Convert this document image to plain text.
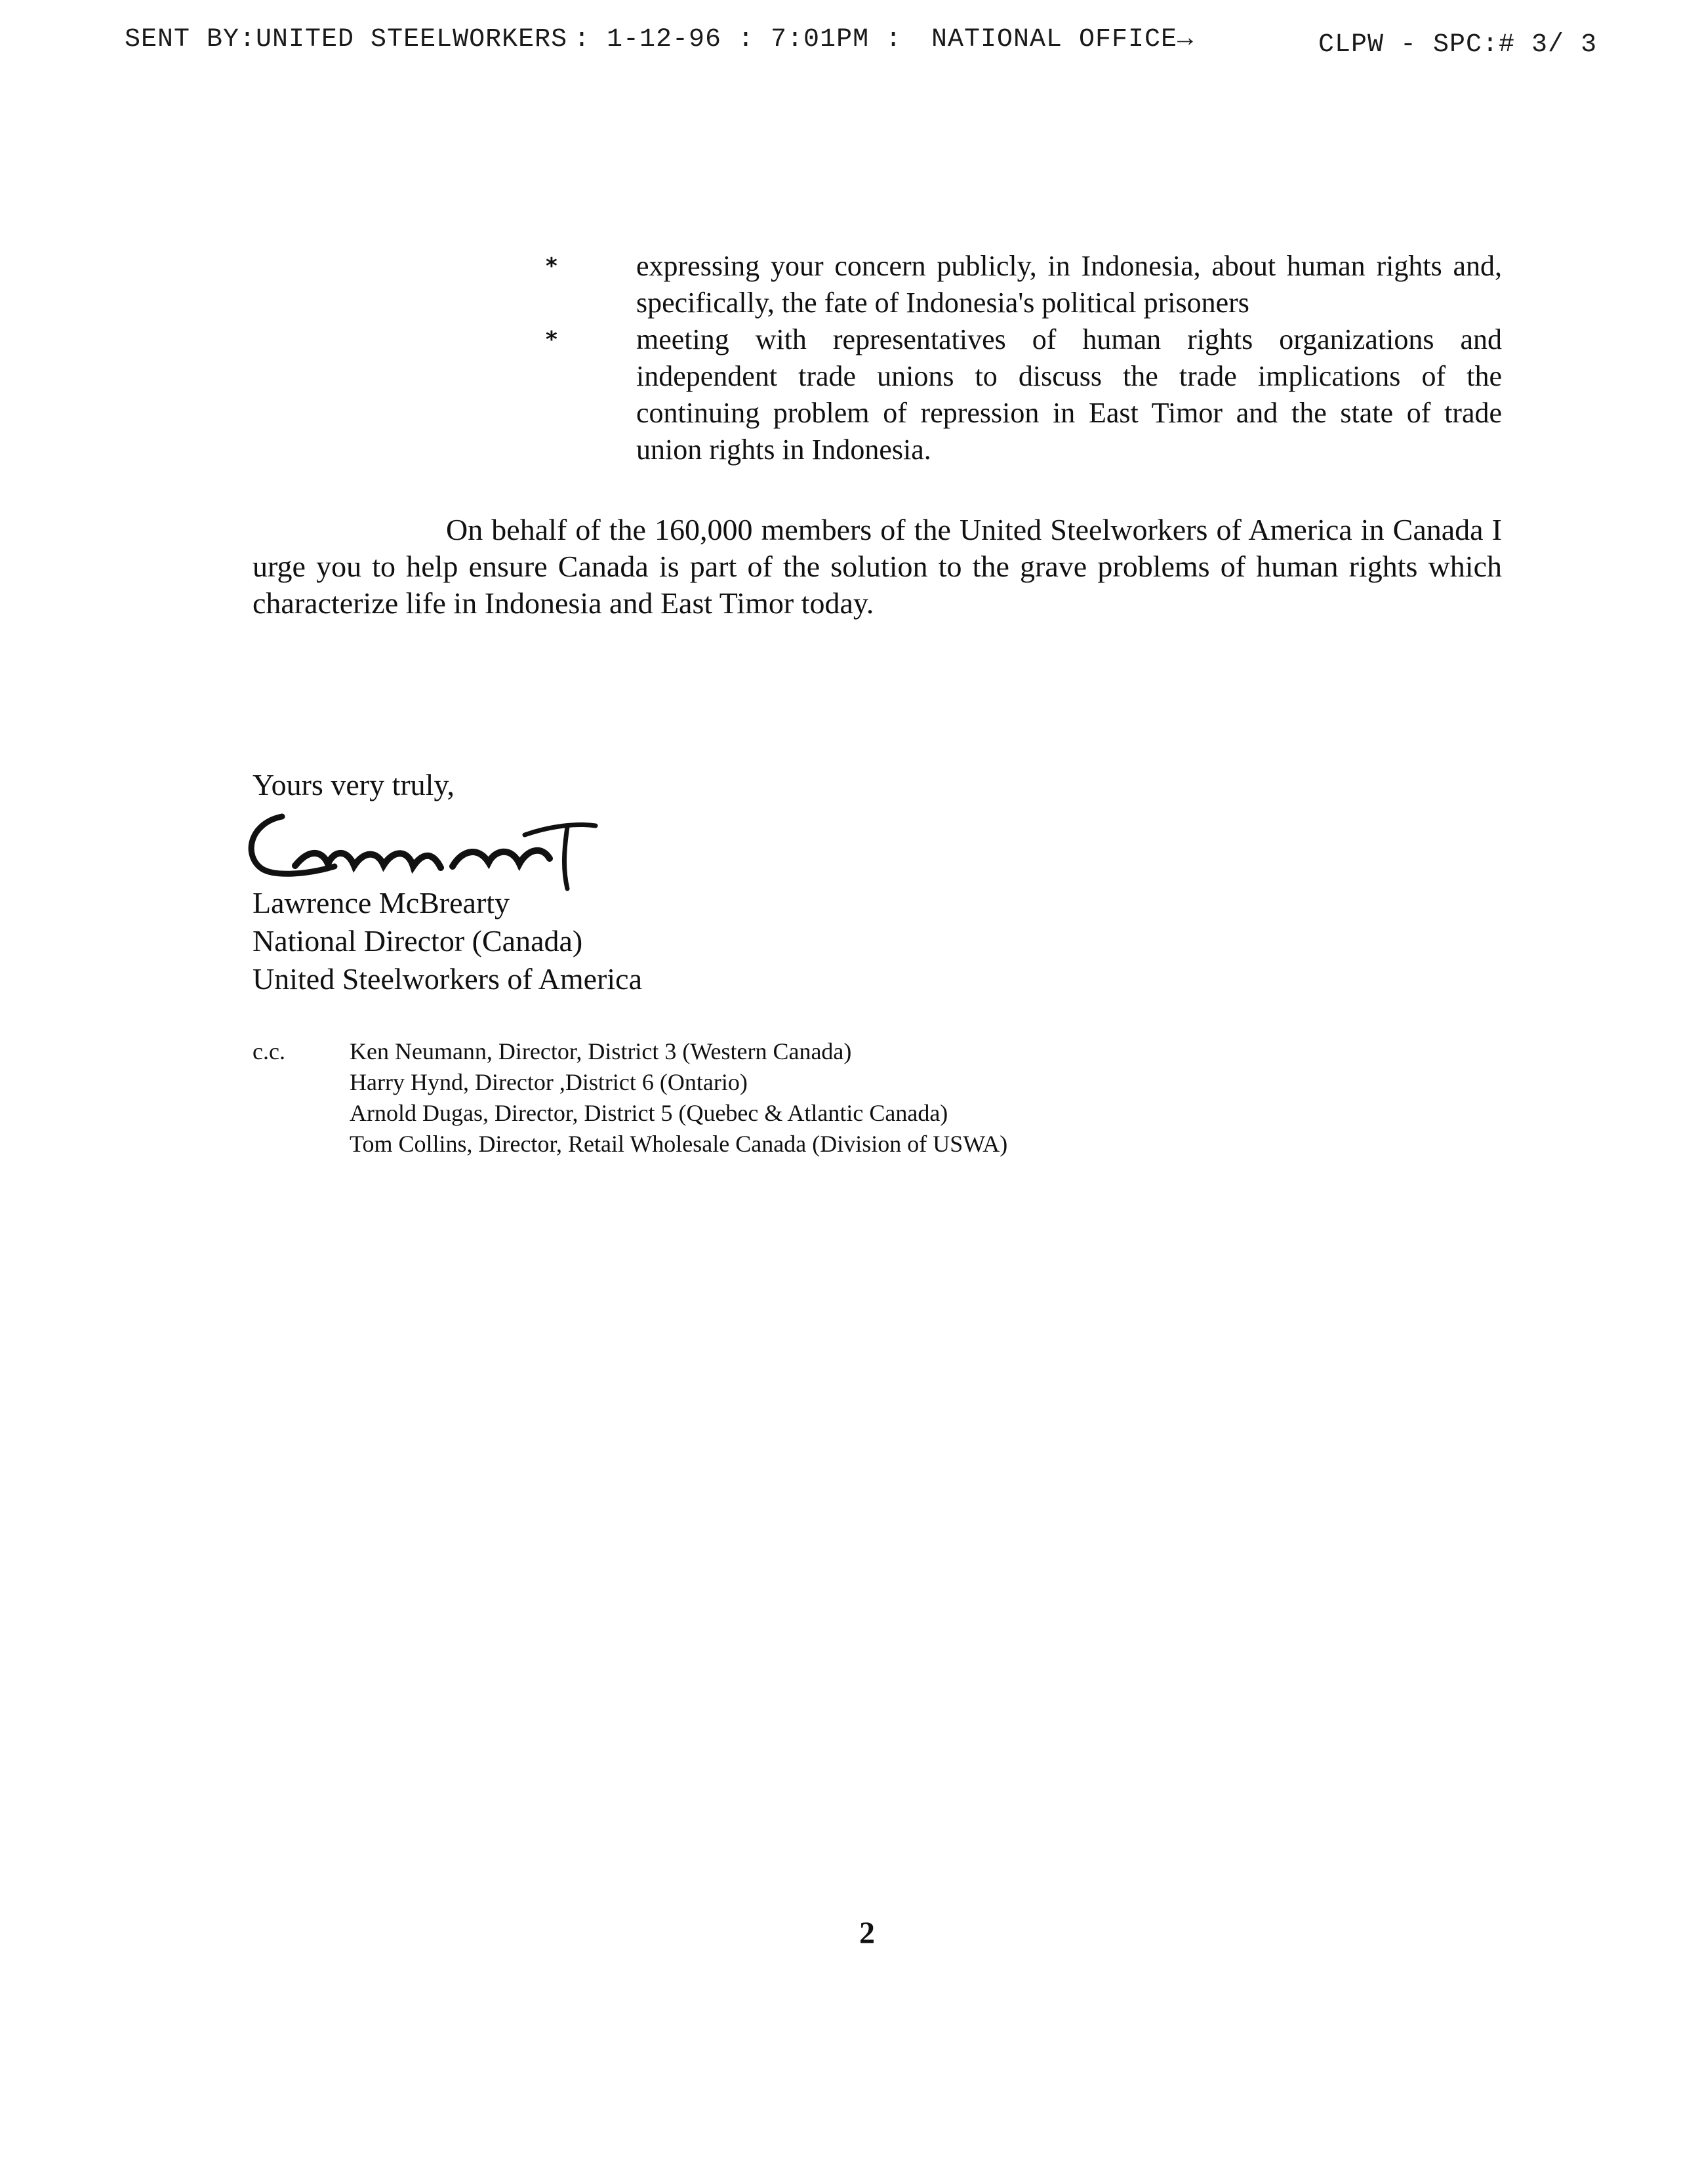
SENT BY:UNITED STEELWORKERS : 1-12-96 : 7:01PM : NATIONAL OFFICE→	CLPW - SPC:# 3/ 3
*	expressing your concern publicly, in Indonesia, about human rights and, specifically, the fate of Indonesia's political prisoners
*	meeting with representatives of human rights organizations and independent trade unions to discuss the trade implications of the continuing problem of repression in East Timor and the state of trade union rights in Indonesia.

On behalf of the 160,000 members of the United Steelworkers of America in Canada I urge you to help ensure Canada is part of the solution to the grave problems of human rights which characterize life in Indonesia and East Timor today.

Yours very truly,
Lawrence McBrearty
National Director (Canada)
United Steelworkers of America
c.c.	Ken Neumann, Director, District 3 (Western Canada)
Harry Hynd, Director ,District 6 (Ontario)
Arnold Dugas, Director, District 5 (Quebec & Atlantic Canada)
Tom Collins, Director, Retail Wholesale Canada (Division of USWA)
2
